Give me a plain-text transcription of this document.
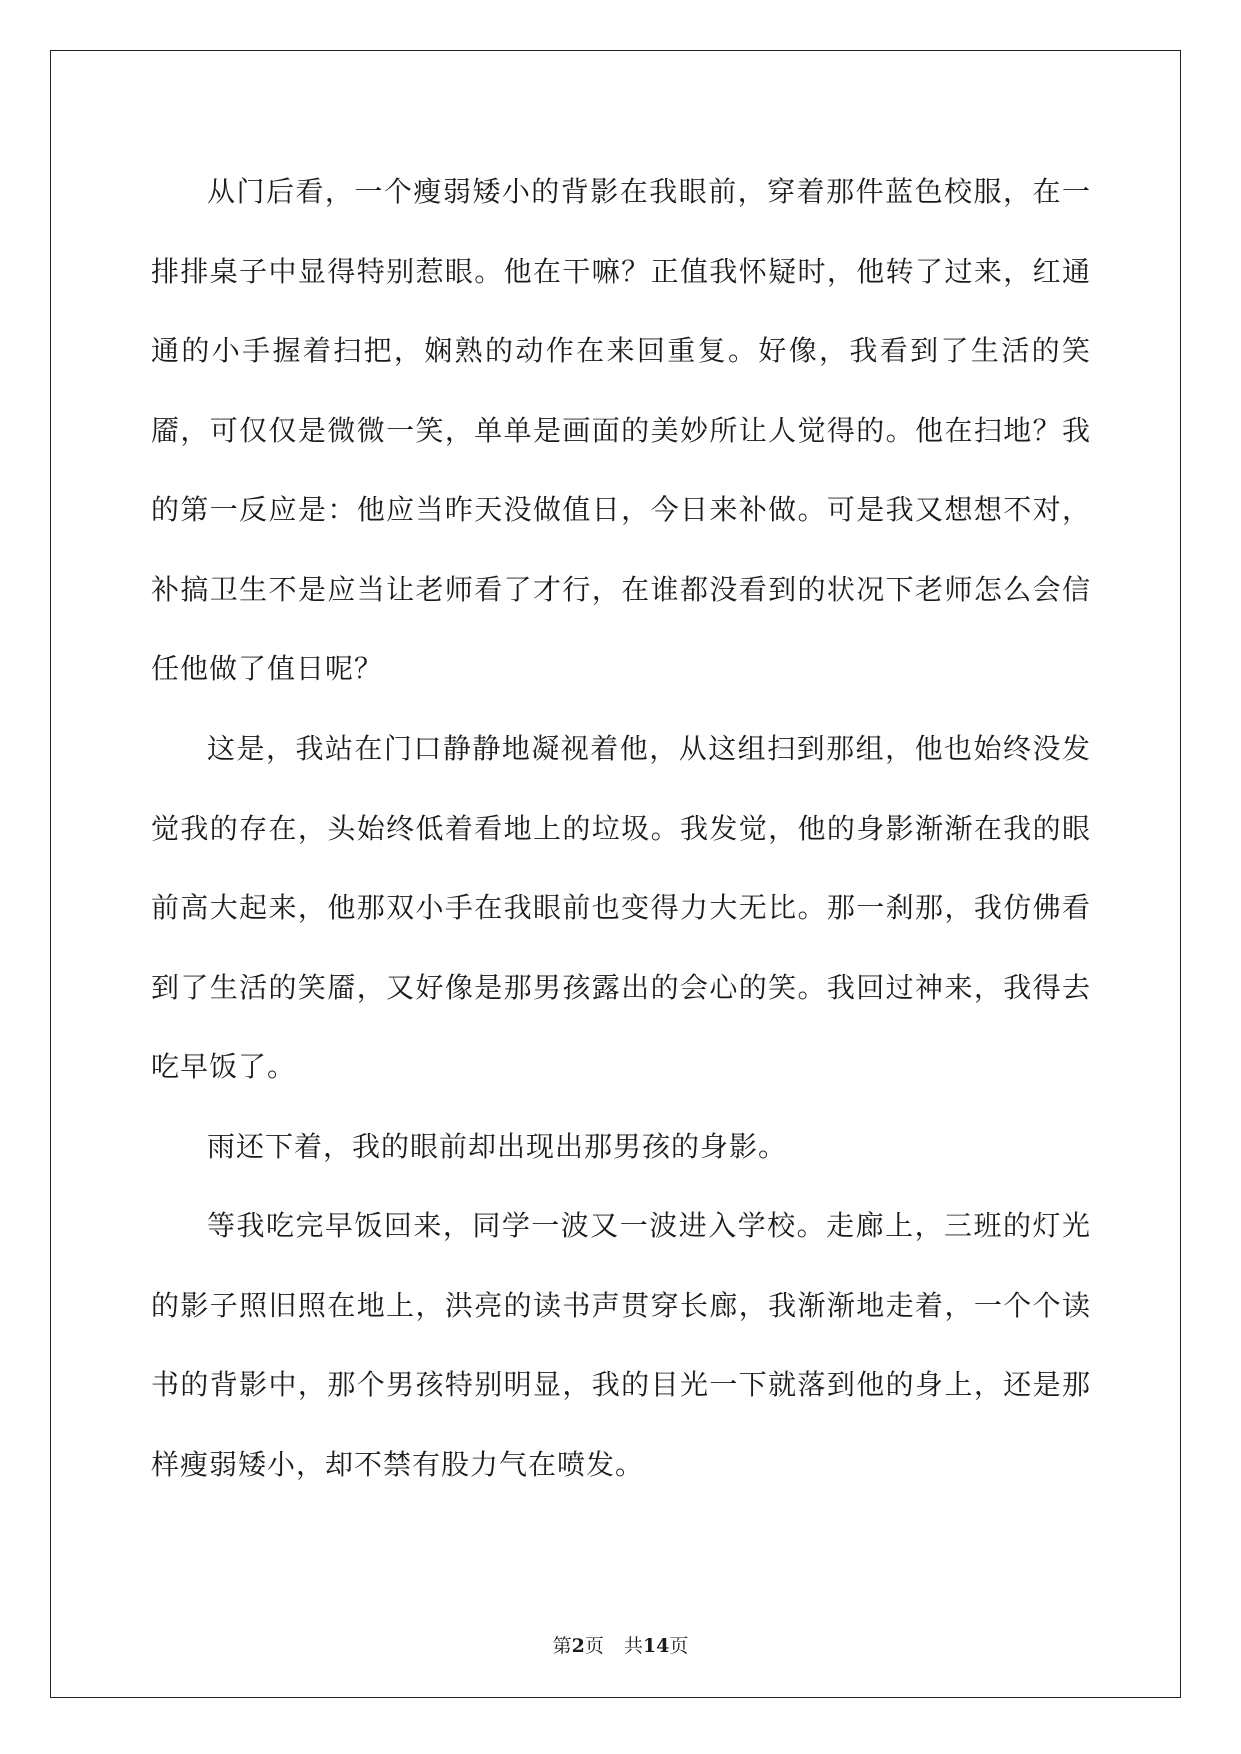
从门后看，一个瘦弱矮小的背影在我眼前，穿着那件蓝色校服，在一排排桌子中显得特别惹眼。他在干嘛？正值我怀疑时，他转了过来，红通通的小手握着扫把，娴熟的动作在来回重复。好像，我看到了生活的笑靥，可仅仅是微微一笑，单单是画面的美妙所让人觉得的。他在扫地？我的第一反应是：他应当昨天没做值日，今日来补做。可是我又想想不对，补搞卫生不是应当让老师看了才行，在谁都没看到的状况下老师怎么会信任他做了值日呢？

这是，我站在门口静静地凝视着他，从这组扫到那组，他也始终没发觉我的存在，头始终低着看地上的垃圾。我发觉，他的身影渐渐在我的眼前高大起来，他那双小手在我眼前也变得力大无比。那一刹那，我仿佛看到了生活的笑靥，又好像是那男孩露出的会心的笑。我回过神来，我得去吃早饭了。

雨还下着，我的眼前却出现出那男孩的身影。

等我吃完早饭回来，同学一波又一波进入学校。走廊上，三班的灯光的影子照旧照在地上，洪亮的读书声贯穿长廊，我渐渐地走着，一个个读书的背影中，那个男孩特别明显，我的目光一下就落到他的身上，还是那样瘦弱矮小，却不禁有股力气在喷发。

第2页 共14页
